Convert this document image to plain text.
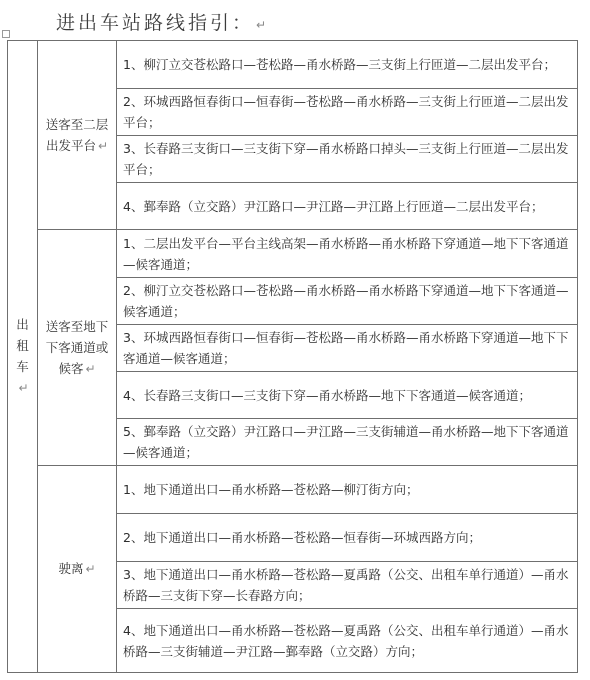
进出车站路线指引： ↵
出租车↵	送客至二层出发平台 ↵	1、柳汀立交苍松路口—苍松路—甬水桥路—三支街上行匝道—二层出发平台；

		2、环城西路恒春街口—恒春街—苍松路—甬水桥路—三支街上行匝道—二层出发平台；

		3、长春路三支街口—三支街下穿—甬水桥路口掉头—三支街上行匝道—二层出发平台；

		4、鄞奉路（立交路）尹江路口—尹江路—尹江路上行匝道—二层出发平台；

	送客至地下下客通道或候客 ↵	1、二层出发平台—平台主线高架—甬水桥路—甬水桥路下穿通道—地下下客通道—候客通道；

		2、柳汀立交苍松路口—苍松路—甬水桥路—甬水桥路下穿通道—地下下客通道—候客通道；

		3、环城西路恒春街口—恒春街—苍松路—甬水桥路—甬水桥路下穿通道—地下下客通道—候客通道；

		4、长春路三支街口—三支街下穿—甬水桥路—地下下客通道—候客通道；

		5、鄞奉路（立交路）尹江路口—尹江路—三支街辅道—甬水桥路—地下下客通道—候客通道；

	驶离 ↵	1、地下通道出口—甬水桥路—苍松路—柳汀街方向；

		2、地下通道出口—甬水桥路—苍松路—恒春街—环城西路方向；

		3、地下通道出口—甬水桥路—苍松路—夏禹路（公交、出租车单行通道）—甬水桥路—三支街下穿—长春路方向；

		4、地下通道出口—甬水桥路—苍松路—夏禹路（公交、出租车单行通道）—甬水桥路—三支街辅道—尹江路—鄞奉路（立交路）方向；
